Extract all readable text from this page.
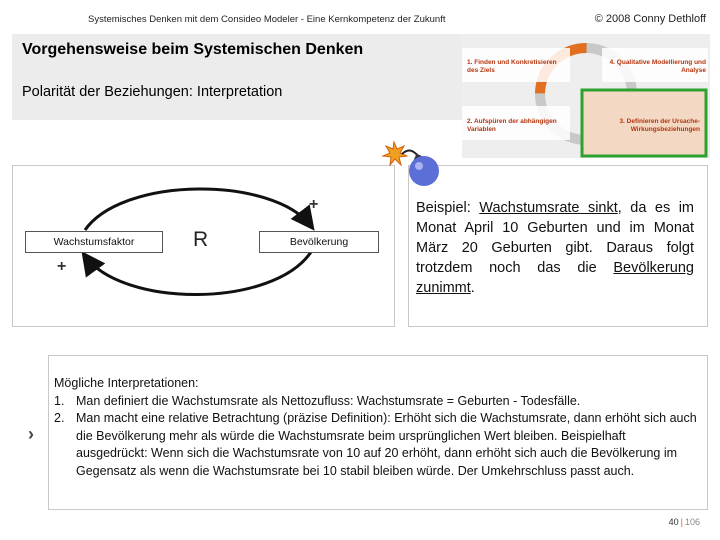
Systemisches Denken mit dem Consideo Modeler - Eine Kernkompetenz der Zukunft	© 2008 Conny Dethloff
Vorgehensweise beim Systemischen Denken
Polarität der Beziehungen: Interpretation
1. Finden und Konkretisieren des Ziels
4. Qualitative Modellierung und Analyse
2. Aufspüren der abhängigen Variablen
3. Definieren der Ursache-Wirkungsbeziehungen
Wachstumsfaktor	Bevölkerung
R
+
+
Beispiel: Wachstumsrate sinkt, da es im Monat April 10 Geburten und im Monat März 20 Geburten gibt. Daraus folgt trotzdem noch das die Bevölkerung zunimmt.
›
Mögliche Interpretationen:
1. Man definiert die Wachstumsrate als Nettozufluss: Wachstumsrate = Geburten - Todesfälle.
2. Man macht eine relative Betrachtung (präzise Definition): Erhöht sich die Wachstumsrate, dann erhöht sich auch die Bevölkerung mehr als würde die Wachstumsrate beim ursprünglichen Wert bleiben. Beispielhaft ausgedrückt: Wenn sich die Wachstumsrate von 10 auf 20 erhöht, dann erhöht sich auch die Bevölkerung im Gegensatz als wenn die Wachstumsrate bei 10 stabil bleiben würde. Der Umkehrschluss passt auch.
40 | 106
